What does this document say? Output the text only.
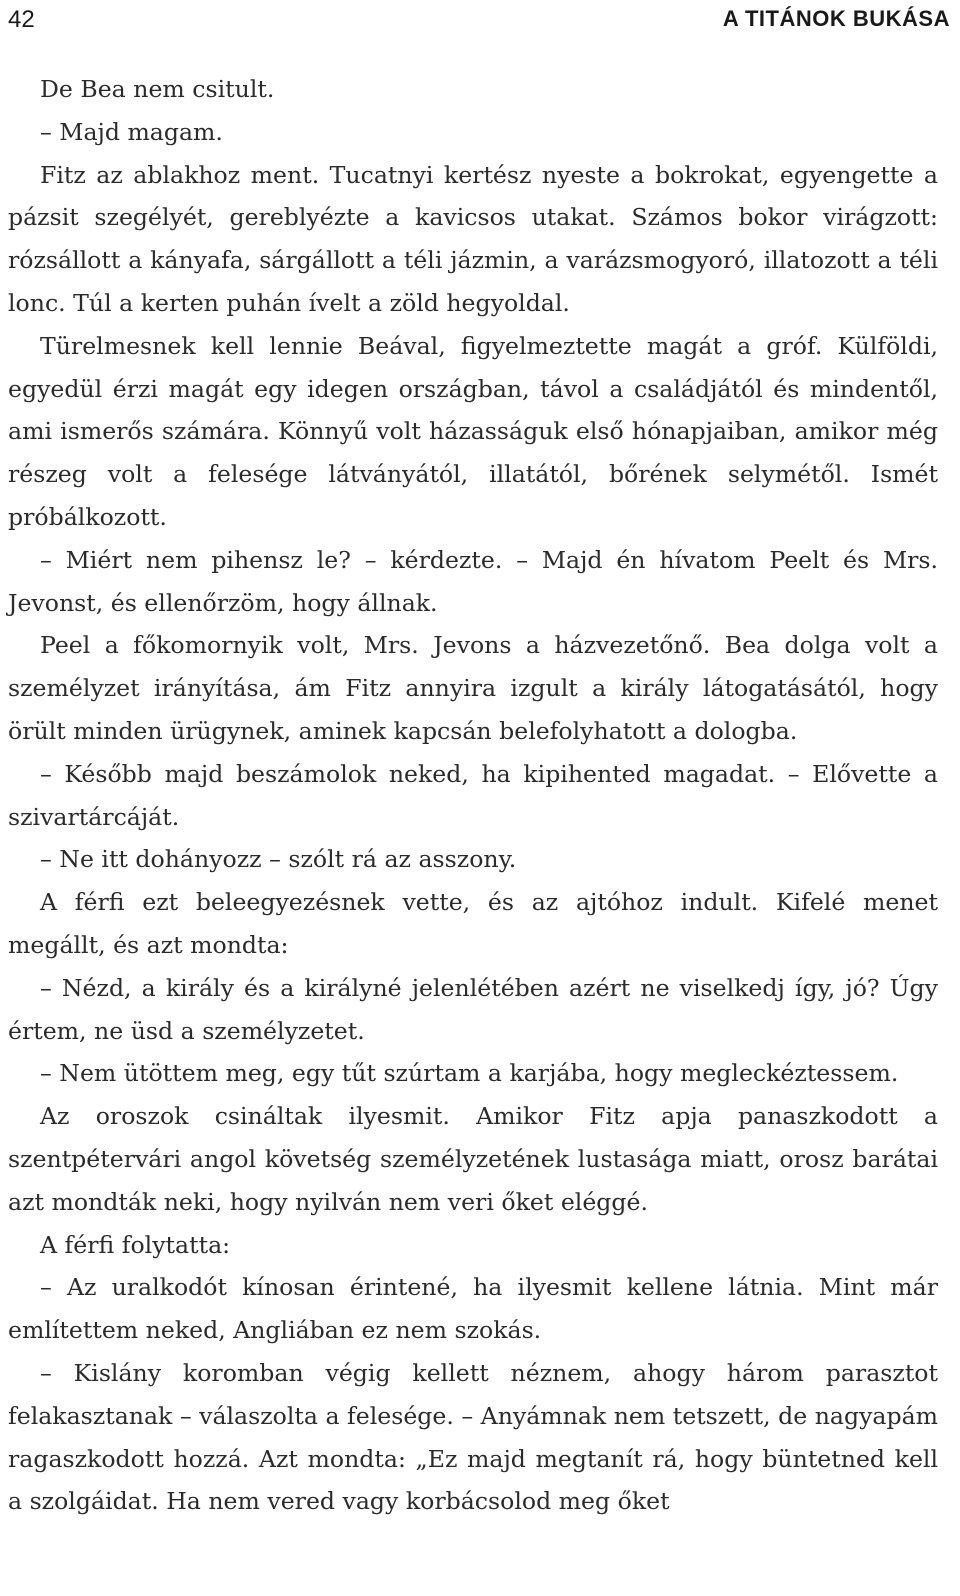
42	A TITÁNOK BUKÁSA

De Bea nem csitult.

– Majd magam.

Fitz az ablakhoz ment. Tucatnyi kertész nyeste a bokrokat, egyengette a pázsit szegélyét, gereblyézte a kavicsos utakat. Számos bokor virágzott: rózsállott a kányafa, sárgállott a téli jázmin, a varázsmogyoró, illatozott a téli lonc. Túl a kerten puhán ívelt a zöld hegyoldal.

Türelmesnek kell lennie Beával, figyelmeztette magát a gróf. Külföldi, egyedül érzi magát egy idegen országban, távol a családjától és mindentől, ami ismerős számára. Könnyű volt házasságuk első hónapjaiban, amikor még részeg volt a felesége látványától, illatától, bőrének selymétől. Ismét próbálkozott.

– Miért nem pihensz le? – kérdezte. – Majd én hívatom Peelt és Mrs. Jevonst, és ellenőrzöm, hogy állnak.

Peel a főkomornyik volt, Mrs. Jevons a házvezetőnő. Bea dolga volt a személyzet irányítása, ám Fitz annyira izgult a király látogatásától, hogy örült minden ürügynek, aminek kapcsán belefolyhatott a dologba.

– Később majd beszámolok neked, ha kipihented magadat. – Elővette a szivartárcáját.

– Ne itt dohányozz – szólt rá az asszony.

A férfi ezt beleegyezésnek vette, és az ajtóhoz indult. Kifelé menet megállt, és azt mondta:

– Nézd, a király és a királyné jelenlétében azért ne viselkedj így, jó? Úgy értem, ne üsd a személyzetet.

– Nem ütöttem meg, egy tűt szúrtam a karjába, hogy megleckéztessem.

Az oroszok csináltak ilyesmit. Amikor Fitz apja panaszkodott a szentpétervári angol követség személyzetének lustasága miatt, orosz barátai azt mondták neki, hogy nyilván nem veri őket eléggé.

A férfi folytatta:

– Az uralkodót kínosan érintené, ha ilyesmit kellene látnia. Mint már említettem neked, Angliában ez nem szokás.

– Kislány koromban végig kellett néznem, ahogy három parasztot felakasztanak – válaszolta a felesége. – Anyámnak nem tetszett, de nagyapám ragaszkodott hozzá. Azt mondta: „Ez majd megtanít rá, hogy büntetned kell a szolgáidat. Ha nem vered vagy korbácsolod meg őket
